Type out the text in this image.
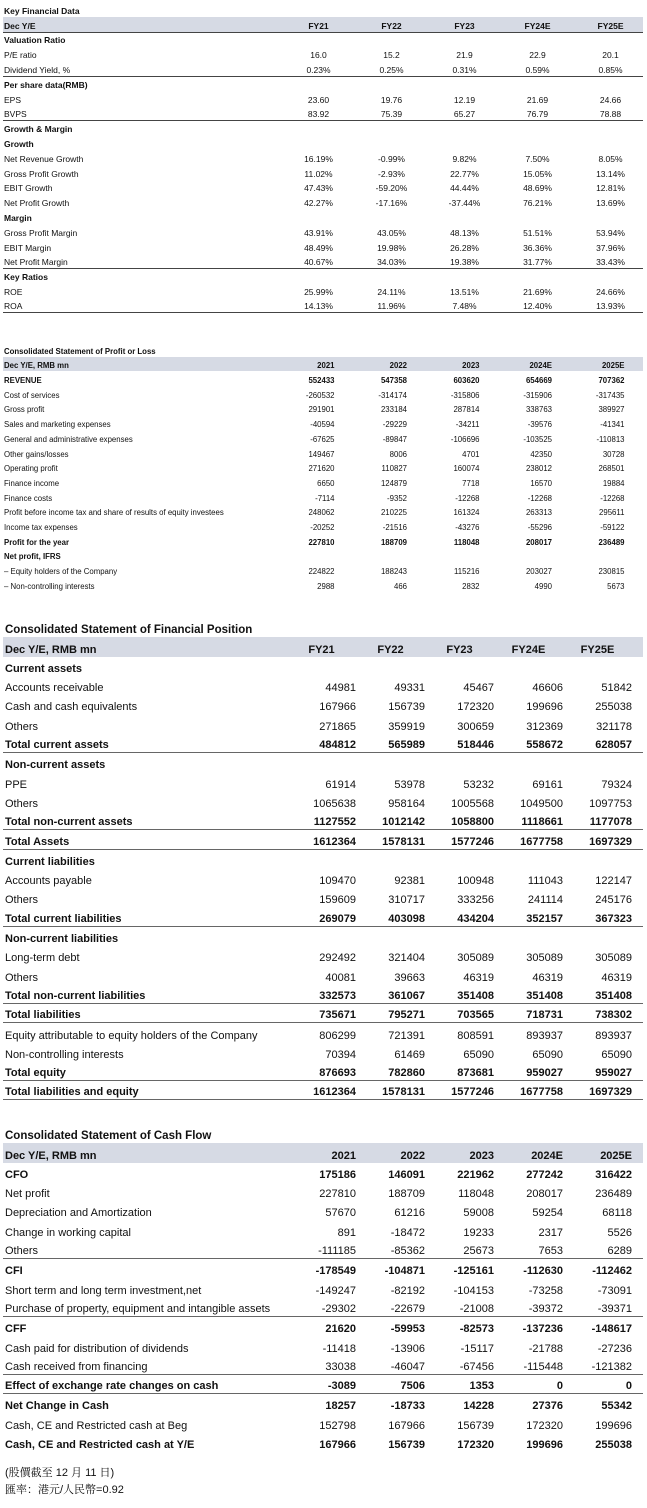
Key Financial Data
Dec Y/E	FY21	FY22	FY23	FY24E	FY25E
Valuation Ratio
P/E ratio	16.0	15.2	21.9	22.9	20.1
Dividend Yield, %	0.23%	0.25%	0.31%	0.59%	0.85%
Per share data(RMB)
EPS	23.60	19.76	12.19	21.69	24.66
BVPS	83.92	75.39	65.27	76.79	78.88
Growth & Margin
Growth
Net Revenue Growth	16.19%	-0.99%	9.82%	7.50%	8.05%
Gross Profit Growth	11.02%	-2.93%	22.77%	15.05%	13.14%
EBIT Growth	47.43%	-59.20%	44.44%	48.69%	12.81%
Net Profit Growth	42.27%	-17.16%	-37.44%	76.21%	13.69%
Margin
Gross Profit Margin	43.91%	43.05%	48.13%	51.51%	53.94%
EBIT Margin	48.49%	19.98%	26.28%	36.36%	37.96%
Net Profit Margin	40.67%	34.03%	19.38%	31.77%	33.43%
Key Ratios
ROE	25.99%	24.11%	13.51%	21.69%	24.66%
ROA	14.13%	11.96%	7.48%	12.40%	13.93%
Consolidated Statement of Profit or Loss
Dec Y/E, RMB mn	2021	2022	2023	2024E	2025E
REVENUE	552433	547358	603620	654669	707362
Cost of services	-260532	-314174	-315806	-315906	-317435
Gross profit	291901	233184	287814	338763	389927
Sales and marketing expenses	-40594	-29229	-34211	-39576	-41341
General and administrative expenses	-67625	-89847	-106696	-103525	-110813
Other gains/losses	149467	8006	4701	42350	30728
Operating profit	271620	110827	160074	238012	268501
Finance income	6650	124879	7718	16570	19884
Finance costs	-7114	-9352	-12268	-12268	-12268
Profit before income tax and share of results of equity investees	248062	210225	161324	263313	295611
Income tax expenses	-20252	-21516	-43276	-55296	-59122
Profit for the year	227810	188709	118048	208017	236489
Net profit, IFRS
– Equity holders of the Company	224822	188243	115216	203027	230815
– Non-controlling interests	2988	466	2832	4990	5673
Consolidated Statement of Financial Position
Dec Y/E, RMB mn	FY21	FY22	FY23	FY24E	FY25E
Current assets
Accounts receivable	44981	49331	45467	46606	51842
Cash and cash equivalents	167966	156739	172320	199696	255038
Others	271865	359919	300659	312369	321178
Total current assets	484812	565989	518446	558672	628057
Non-current assets
PPE	61914	53978	53232	69161	79324
Others	1065638	958164	1005568	1049500	1097753
Total non-current assets	1127552	1012142	1058800	1118661	1177078
Total Assets	1612364	1578131	1577246	1677758	1697329
Current liabilities
Accounts payable	109470	92381	100948	111043	122147
Others	159609	310717	333256	241114	245176
Total current liabilities	269079	403098	434204	352157	367323
Non-current liabilities
Long-term debt	292492	321404	305089	305089	305089
Others	40081	39663	46319	46319	46319
Total non-current liabilities	332573	361067	351408	351408	351408
Total liabilities	735671	795271	703565	718731	738302
Equity attributable to equity holders of the Company	806299	721391	808591	893937	893937
Non-controlling interests	70394	61469	65090	65090	65090
Total equity	876693	782860	873681	959027	959027
Total liabilities and equity	1612364	1578131	1577246	1677758	1697329
Consolidated Statement of Cash Flow
Dec Y/E, RMB mn	2021	2022	2023	2024E	2025E
CFO	175186	146091	221962	277242	316422
Net profit	227810	188709	118048	208017	236489
Depreciation and Amortization	57670	61216	59008	59254	68118
Change in working capital	891	-18472	19233	2317	5526
Others	-111185	-85362	25673	7653	6289
CFI	-178549	-104871	-125161	-112630	-112462
Short term and long term investment,net	-149247	-82192	-104153	-73258	-73091
Purchase of property, equipment and intangible assets	-29302	-22679	-21008	-39372	-39371
CFF	21620	-59953	-82573	-137236	-148617
Cash paid for distribution of dividends	-11418	-13906	-15117	-21788	-27236
Cash received from financing	33038	-46047	-67456	-115448	-121382
Effect of exchange rate changes on cash	-3089	7506	1353	0	0
Net Change in Cash	18257	-18733	14228	27376	55342
Cash, CE and Restricted cash at Beg	152798	167966	156739	172320	199696
Cash, CE and Restricted cash at Y/E	167966	156739	172320	199696	255038
(股價截至 12 月 11 日)
匯率：港元/人民幣=0.92
